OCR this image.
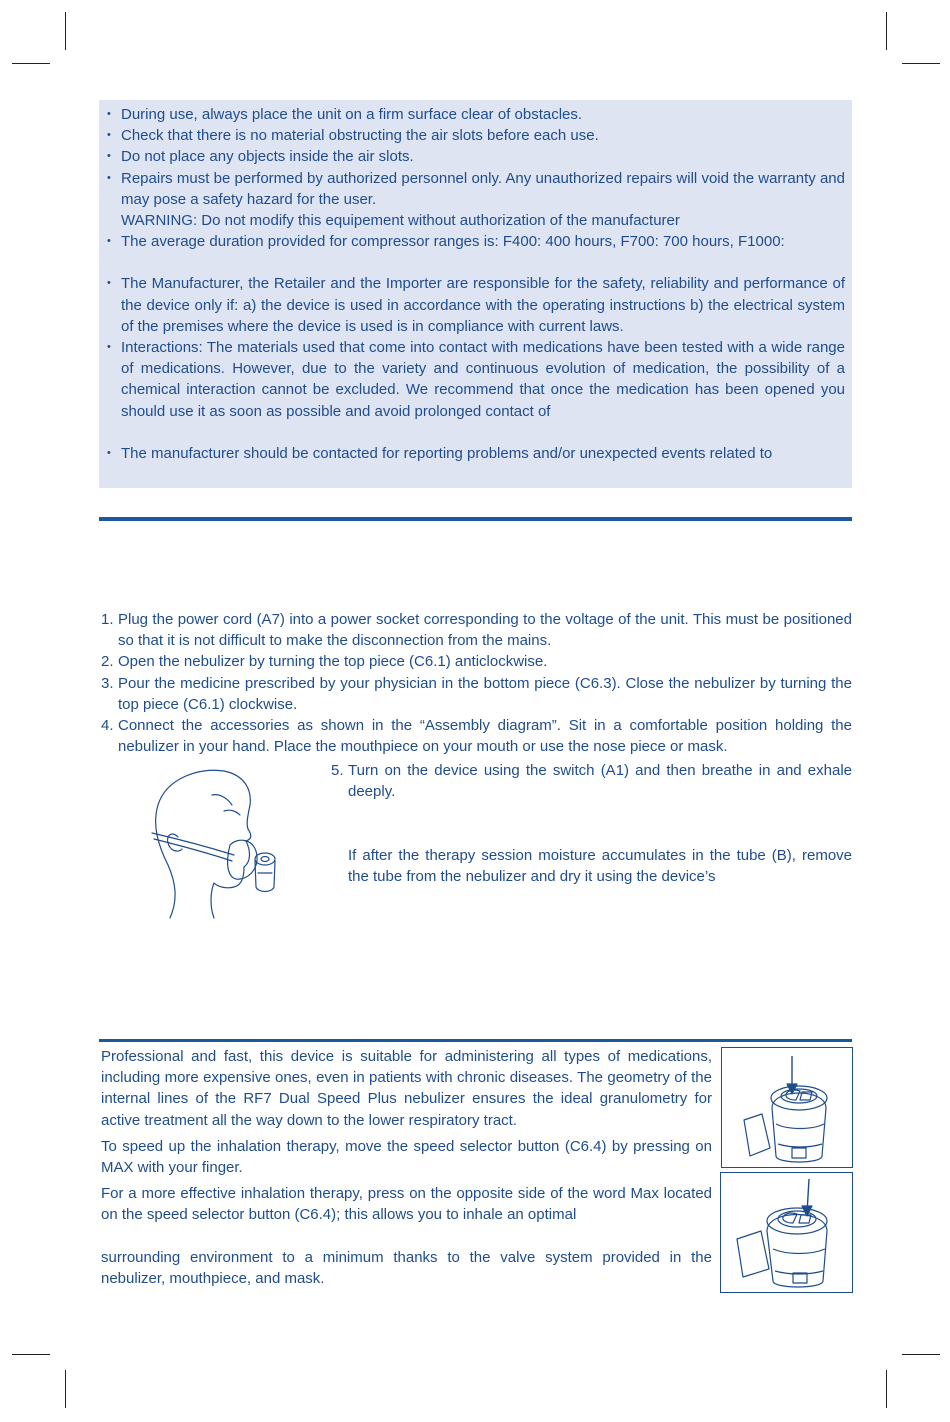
• During use, always place the unit on a firm surface clear of obstacles.
• Check that there is no material obstructing the air slots before each use.
• Do not place any objects inside the air slots.
• Repairs must be performed by authorized personnel only. Any unauthorized repairs will void the warranty and may pose a safety hazard for the user.
WARNING: Do not modify this equipement without authorization of the manufacturer
• The average duration provided for compressor ranges is: F400: 400 hours, F700: 700 hours, F1000:
• The Manufacturer, the Retailer and the Importer are responsible for the safety, reliability and performance of the device only if: a) the device is used in accordance with the operating instructions b) the electrical system of the premises where the device is used is in compliance with current laws.
• Interactions: The materials used that come into contact with medications have been tested with a wide range of medications. However, due to the variety and continuous evolution of medication, the possibility of a chemical interaction cannot be excluded. We recommend that once the medication has been opened you should use it as soon as possible and avoid prolonged contact of
• The manufacturer should be contacted for reporting problems and/or unexpected events related to
1. Plug the power cord (A7) into a power socket corresponding to the voltage of the unit. This must be positioned so that it is not difficult to make the disconnection from the mains.
2. Open the nebulizer by turning the top piece (C6.1) anticlockwise.
3. Pour the medicine prescribed by your physician in the bottom piece (C6.3). Close the nebulizer by turning the top piece (C6.1) clockwise.
4. Connect the accessories as shown in the “Assembly diagram”. Sit in a comfortable position holding the nebulizer in your hand. Place the mouthpiece on your mouth or use the nose piece or mask.
5. Turn on the device using the switch (A1) and then breathe in and exhale deeply.
If after the therapy session moisture accumulates in the tube (B), remove the tube from the nebulizer and dry it using the device’s

Professional and fast, this device is suitable for administering all types of medications, including more expensive ones, even in patients with chronic diseases. The geometry of the internal lines of the RF7 Dual Speed Plus nebulizer ensures the ideal granulometry for active treatment all the way down to the lower respiratory tract.

To speed up the inhalation therapy, move the speed selector button (C6.4) by pressing on MAX with your finger.

For a more effective inhalation therapy, press on the opposite side of the word Max located on the speed selector button (C6.4); this allows you to inhale an optimal

surrounding environment to a minimum thanks to the valve system provided in the nebulizer, mouthpiece, and mask.
